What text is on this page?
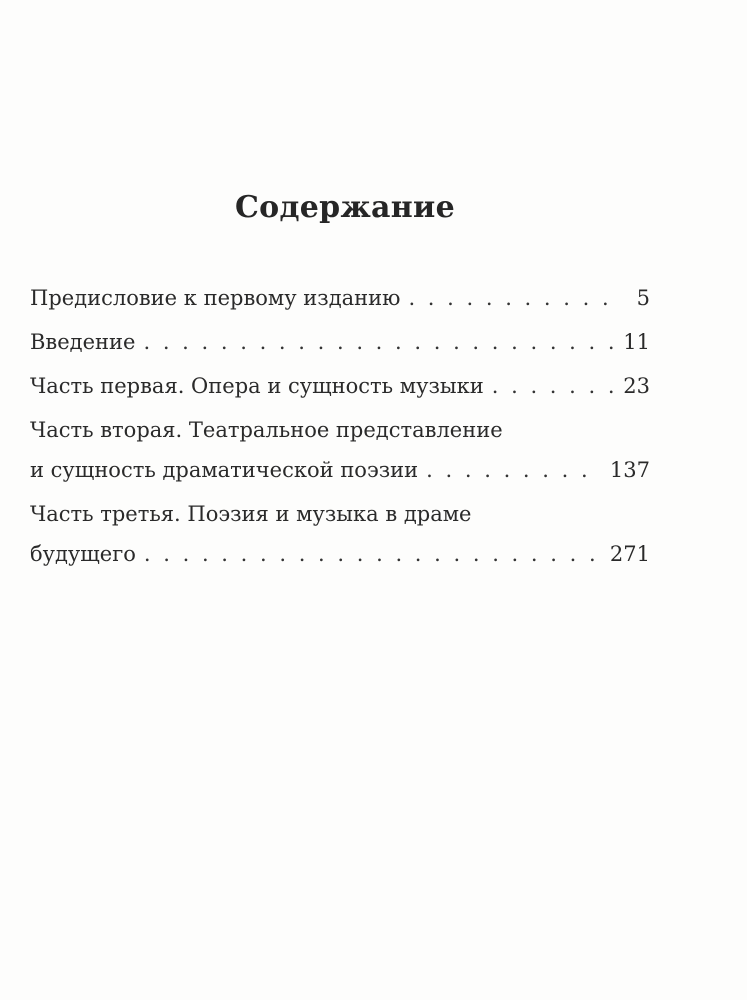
Содержание
Предисловие к первому изданию . . .	5
Введение . . .	11
Часть первая. Опера и сущность музыки . . .	23
Часть вторая. Театральное представление
и сущность драматической поэзии . . .	137
Часть третья. Поэзия и музыка в драме
будущего . . .	271
